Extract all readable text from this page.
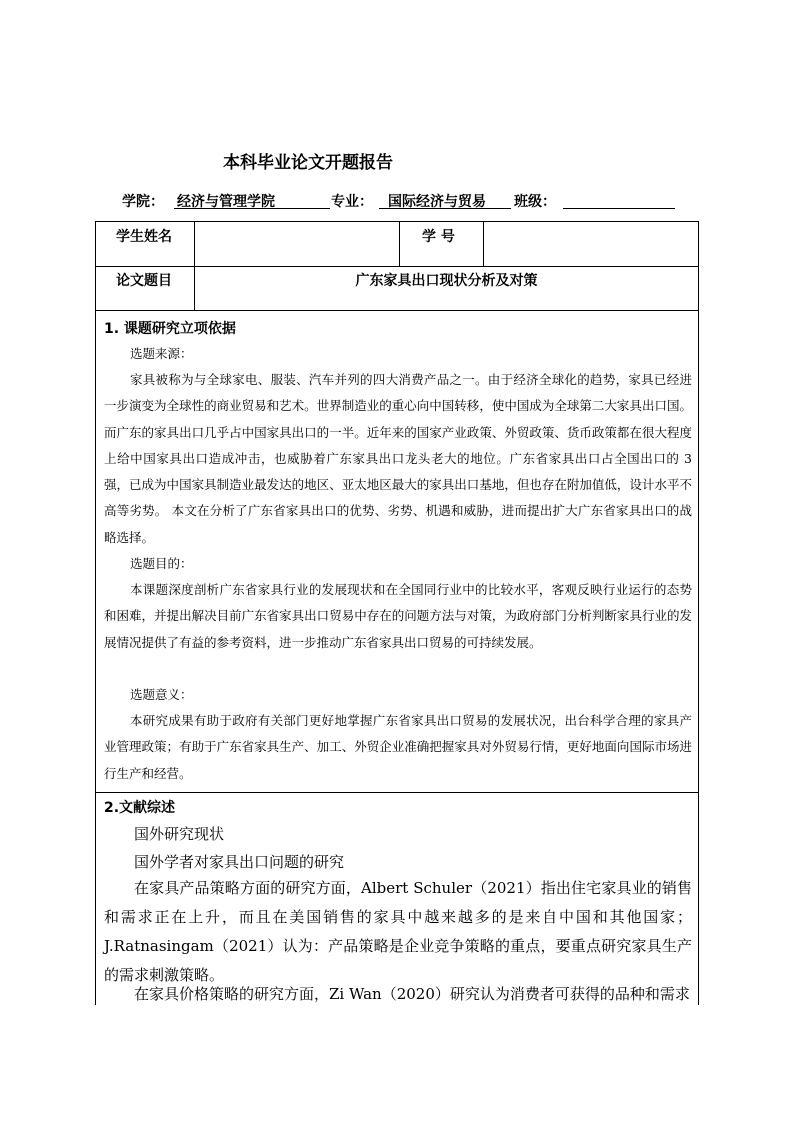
本科毕业论文开题报告
学院： 经济与管理学院	专业： 国际经济与贸易 班级：
学生姓名	学 号
论文题目	广东家具出口现状分析及对策
1. 课题研究立项依据

选题来源：

家具被称为与全球家电、服装、汽车并列的四大消费产品之一。由于经济全球化的趋势，家具已经进一步演变为全球性的商业贸易和艺术。世界制造业的重心向中国转移，使中国成为全球第二大家具出口国。而广东的家具出口几乎占中国家具出口的一半。近年来的国家产业政策、外贸政策、货币政策都在很大程度上给中国家具出口造成冲击，也威胁着广东家具出口龙头老大的地位。广东省家具出口占全国出口的 3 强，已成为中国家具制造业最发达的地区、亚太地区最大的家具出口基地，但也存在附加值低，设计水平不高等劣势。 本文在分析了广东省家具出口的优势、劣势、机遇和威胁，进而提出扩大广东省家具出口的战略选择。

选题目的：

本课题深度剖析广东省家具行业的发展现状和在全国同行业中的比较水平，客观反映行业运行的态势和困难，并提出解决目前广东省家具出口贸易中存在的问题方法与对策，为政府部门分析判断家具行业的发展情况提供了有益的参考资料，进一步推动广东省家具出口贸易的可持续发展。

选题意义：

本研究成果有助于政府有关部门更好地掌握广东省家具出口贸易的发展状况，出台科学合理的家具产业管理政策；有助于广东省家具生产、加工、外贸企业准确把握家具对外贸易行情，更好地面向国际市场进行生产和经营。

2.文献综述

国外研究现状

国外学者对家具出口问题的研究

在家具产品策略方面的研究方面，Albert Schuler（2021）指出住宅家具业的销售和需求正在上升，而且在美国销售的家具中越来越多的是来自中国和其他国家；J.Ratnasingam（2021）认为：产品策略是企业竞争策略的重点，要重点研究家具生产的需求刺激策略。

在家具价格策略的研究方面，Zi Wan（2020）研究认为消费者可获得的品种和需求
